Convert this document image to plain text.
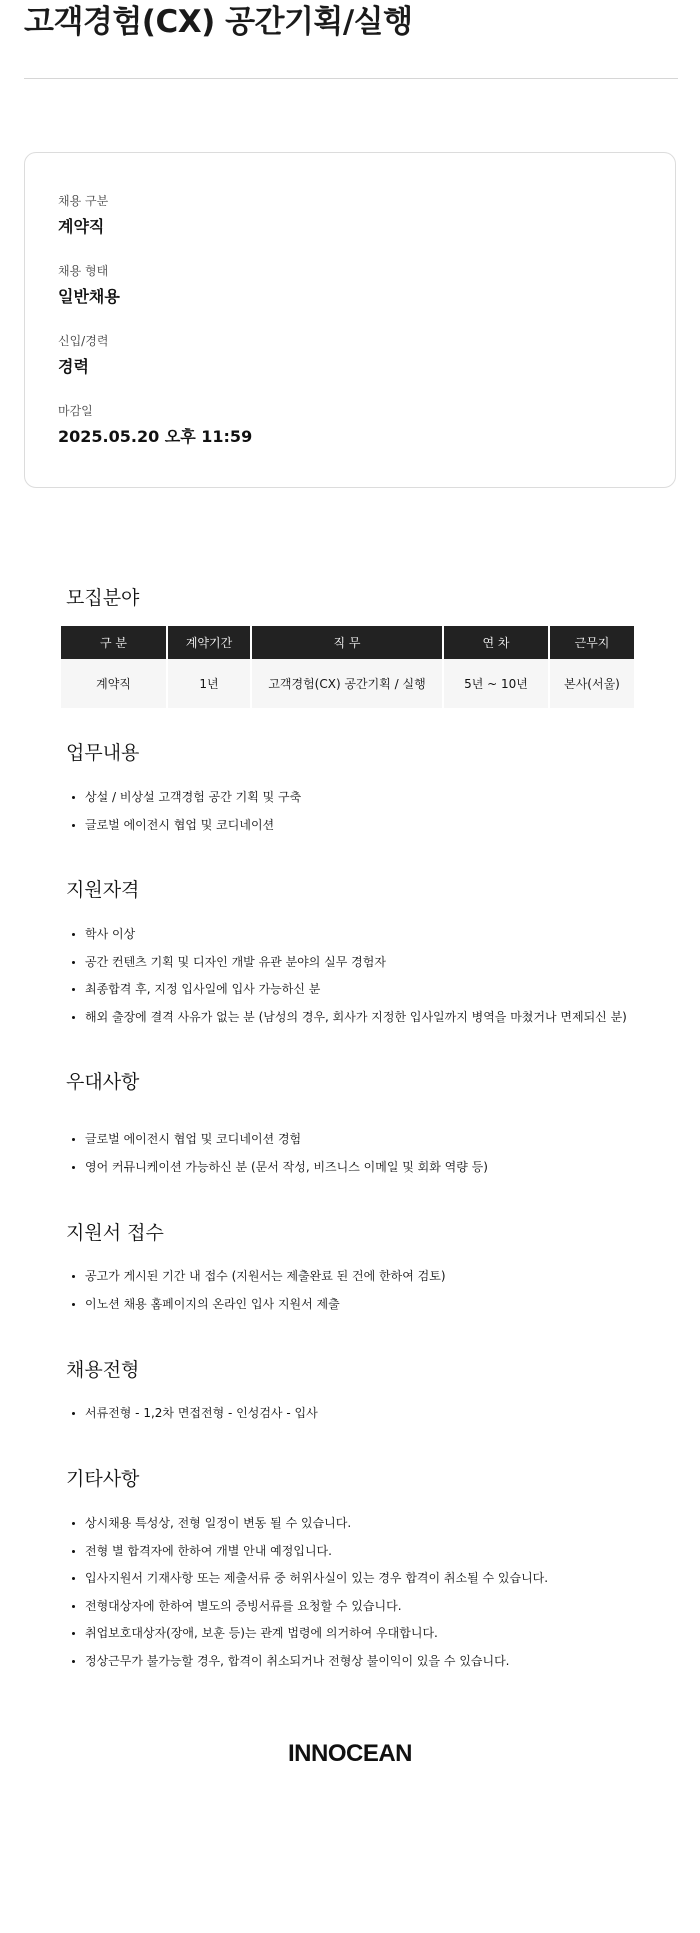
고객경험(CX) 공간기획/실행
채용 구분
계약직
채용 형태
일반채용
신입/경력
경력
마감일
2025.05.20 오후 11:59
모집분야
구 분	계약기간	직 무	연 차	근무지
계약직	1년	고객경험(CX) 공간기획 / 실행	5년 ~ 10년	본사(서울)
업무내용
상설 / 비상설 고객경험 공간 기획 및 구축
글로벌 에이전시 협업 및 코디네이션
지원자격
학사 이상
공간 컨텐츠 기획 및 디자인 개발 유관 분야의 실무 경험자
최종합격 후, 지정 입사일에 입사 가능하신 분
해외 출장에 결격 사유가 없는 분 (남성의 경우, 회사가 지정한 입사일까지 병역을 마쳤거나 면제되신 분)
우대사항
글로벌 에이전시 협업 및 코디네이션 경험
영어 커뮤니케이션 가능하신 분 (문서 작성, 비즈니스 이메일 및 회화 역량 등)
지원서 접수
공고가 게시된 기간 내 접수 (지원서는 제출완료 된 건에 한하여 검토)
이노션 채용 홈페이지의 온라인 입사 지원서 제출
채용전형
서류전형 - 1,2차 면접전형 - 인성검사 - 입사
기타사항
상시채용 특성상, 전형 일정이 변동 될 수 있습니다.
전형 별 합격자에 한하여 개별 안내 예정입니다.
입사지원서 기재사항 또는 제출서류 중 허위사실이 있는 경우 합격이 취소될 수 있습니다.
전형대상자에 한하여 별도의 증빙서류를 요청할 수 있습니다.
취업보호대상자(장애, 보훈 등)는 관계 법령에 의거하여 우대합니다.
정상근무가 불가능할 경우, 합격이 취소되거나 전형상 불이익이 있을 수 있습니다.
INNOCEAN
